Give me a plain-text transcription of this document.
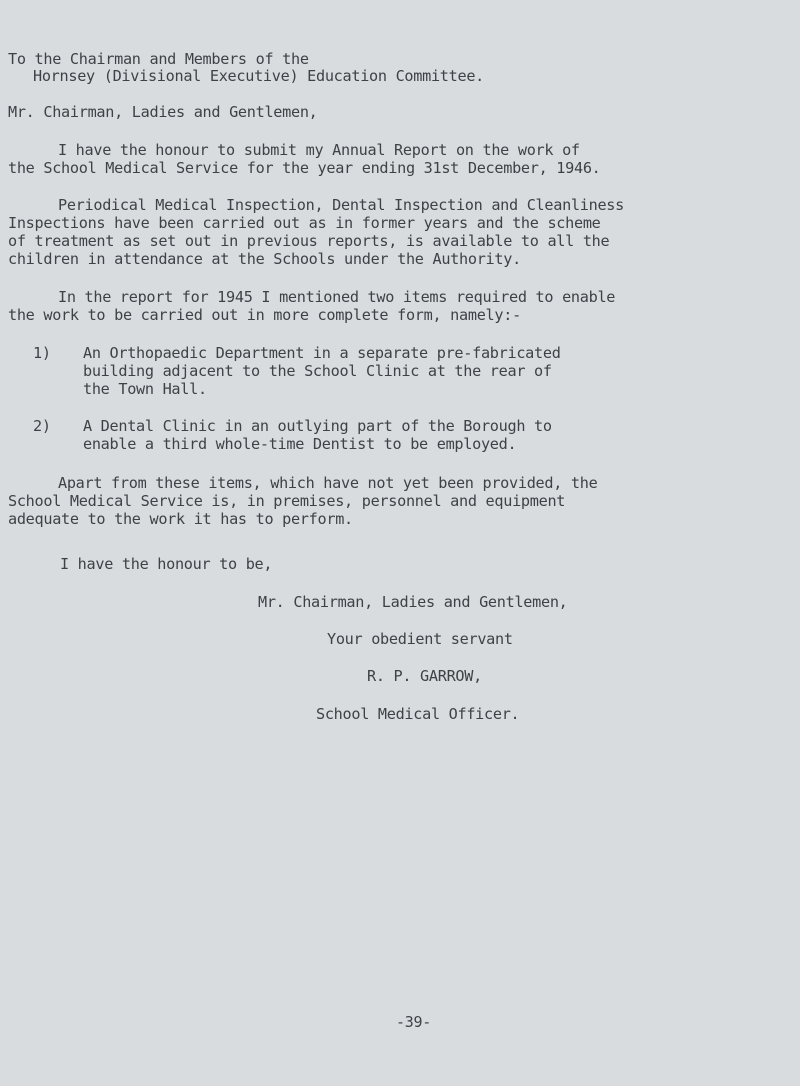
To the Chairman and Members of the
Hornsey (Divisional Executive) Education Committee.
Mr. Chairman, Ladies and Gentlemen,
I have the honour to submit my Annual Report on the work of
the School Medical Service for the year ending 31st December, 1946.
Periodical Medical Inspection, Dental Inspection and Cleanliness
Inspections have been carried out as in former years and the scheme
of treatment as set out in previous reports, is available to all the
children in attendance at the Schools under the Authority.
In the report for 1945 I mentioned two items required to enable
the work to be carried out in more complete form, namely:-
1) An Orthopaedic Department in a separate pre-fabricated
building adjacent to the School Clinic at the rear of
the Town Hall.
2) A Dental Clinic in an outlying part of the Borough to
enable a third whole-time Dentist to be employed.
Apart from these items, which have not yet been provided, the
School Medical Service is, in premises, personnel and equipment
adequate to the work it has to perform.
I have the honour to be,
Mr. Chairman, Ladies and Gentlemen,
Your obedient servant
R. P. GARROW,
School Medical Officer.
-39-
